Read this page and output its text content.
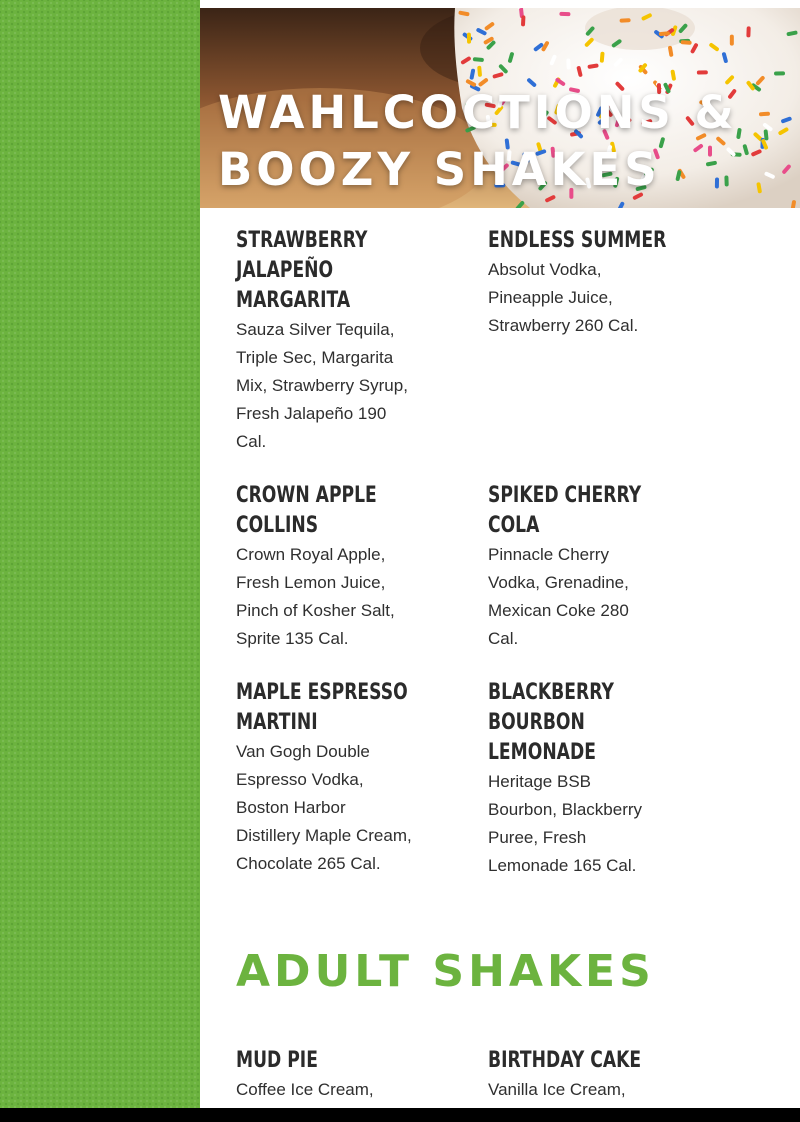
WAHLCOCTIONS &
BOOZY SHAKES
STRAWBERRY
JALAPEÑO
MARGARITA

Sauza Silver Tequila, Triple Sec, Margarita Mix, Strawberry Syrup, Fresh Jalapeño 190 Cal.

ENDLESS SUMMER

Absolut Vodka, Pineapple Juice, Strawberry 260 Cal.

CROWN APPLE
COLLINS

Crown Royal Apple, Fresh Lemon Juice, Pinch of Kosher Salt, Sprite 135 Cal.

SPIKED CHERRY
COLA

Pinnacle Cherry Vodka, Grenadine, Mexican Coke 280 Cal.

MAPLE ESPRESSO
MARTINI

Van Gogh Double Espresso Vodka, Boston Harbor Distillery Maple Cream, Chocolate 265 Cal.

BLACKBERRY
BOURBON
LEMONADE

Heritage BSB Bourbon, Blackberry Puree, Fresh Lemonade 165 Cal.

ADULT SHAKES
MUD PIE

Coffee Ice Cream,

BIRTHDAY CAKE

Vanilla Ice Cream,
